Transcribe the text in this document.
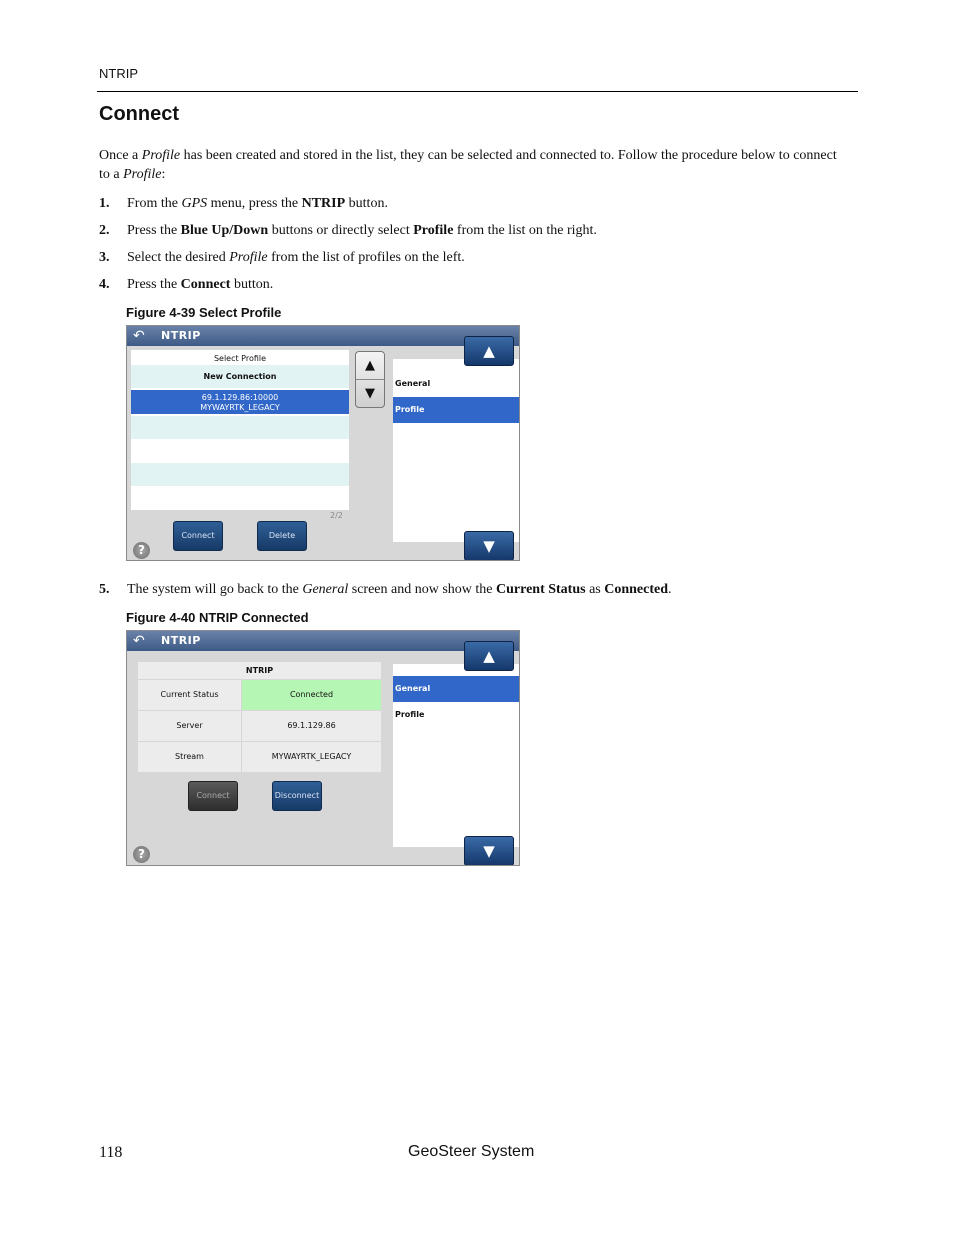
NTRIP
Connect
Once a Profile has been created and stored in the list, they can be selected and connected to. Follow the procedure below to connect to a Profile:
1. From the GPS menu, press the NTRIP button.
2. Press the Blue Up/Down buttons or directly select Profile from the list on the right.
3. Select the desired Profile from the list of profiles on the left.
4. Press the Connect button.
Figure 4-39 Select Profile
↶ NTRIP
Select Profile
New Connection
69.1.129.86:10000
MYWAYRTK_LEGACY
2/2
▲
▼
General
Profile
▲
▼
Connect	Delete
?
5. The system will go back to the General screen and now show the Current Status as Connected.
Figure 4-40 NTRIP Connected
↶ NTRIP
NTRIP
Current Status	Connected
Server	69.1.129.86
Stream	MYWAYRTK_LEGACY
General
Profile
▲
▼
Connect	Disconnect
?
118	GeoSteer System
